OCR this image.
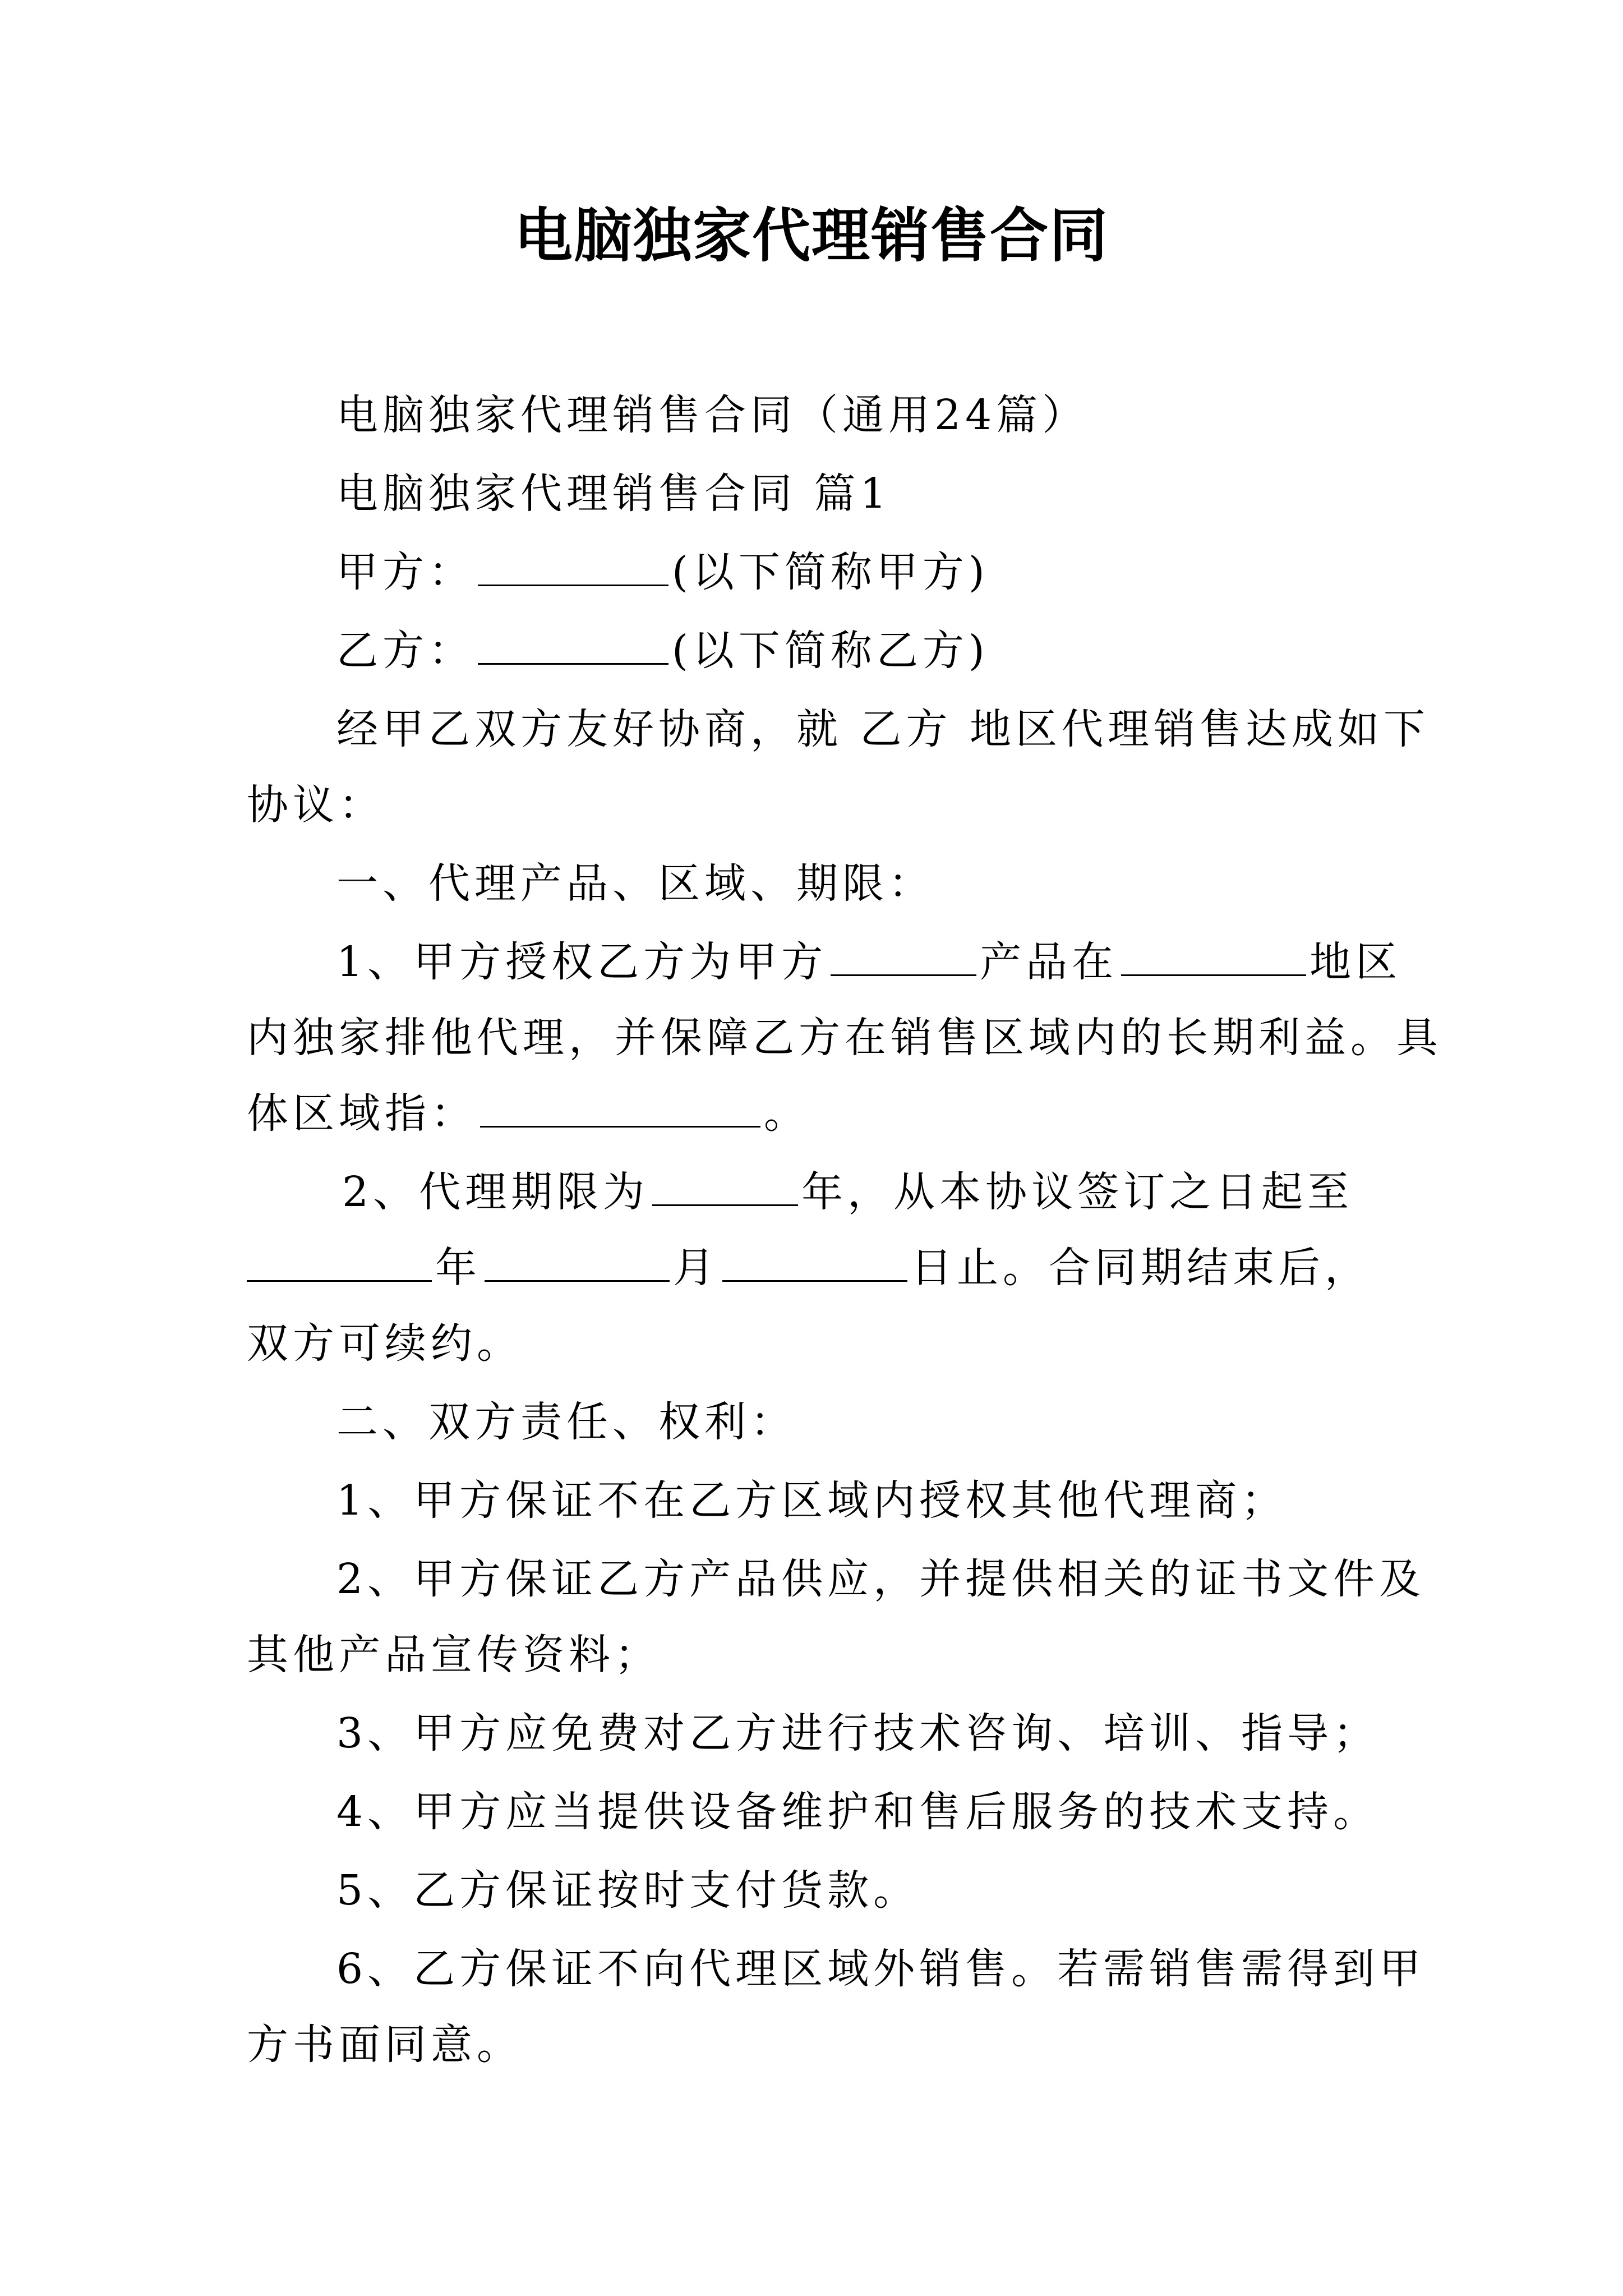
电脑独家代理销售合同
电脑独家代理销售合同（通用24篇）
电脑独家代理销售合同 篇1
甲方：	(以下简称甲方)
乙方：	(以下简称乙方)
经甲乙双方友好协商，就 乙方 地区代理销售达成如下
协议：
一、代理产品、区域、期限：
1、甲方授权乙方为甲方	产品在	地区
内独家排他代理，并保障乙方在销售区域内的长期利益。具
体区域指：	。
2、代理期限为	年，从本协议签订之日起至
年	月	日止。合同期结束后，
双方可续约。
二、双方责任、权利：
1、甲方保证不在乙方区域内授权其他代理商；
2、甲方保证乙方产品供应，并提供相关的证书文件及
其他产品宣传资料；
3、甲方应免费对乙方进行技术咨询、培训、指导；
4、甲方应当提供设备维护和售后服务的技术支持。
5、乙方保证按时支付货款。
6、乙方保证不向代理区域外销售。若需销售需得到甲
方书面同意。
